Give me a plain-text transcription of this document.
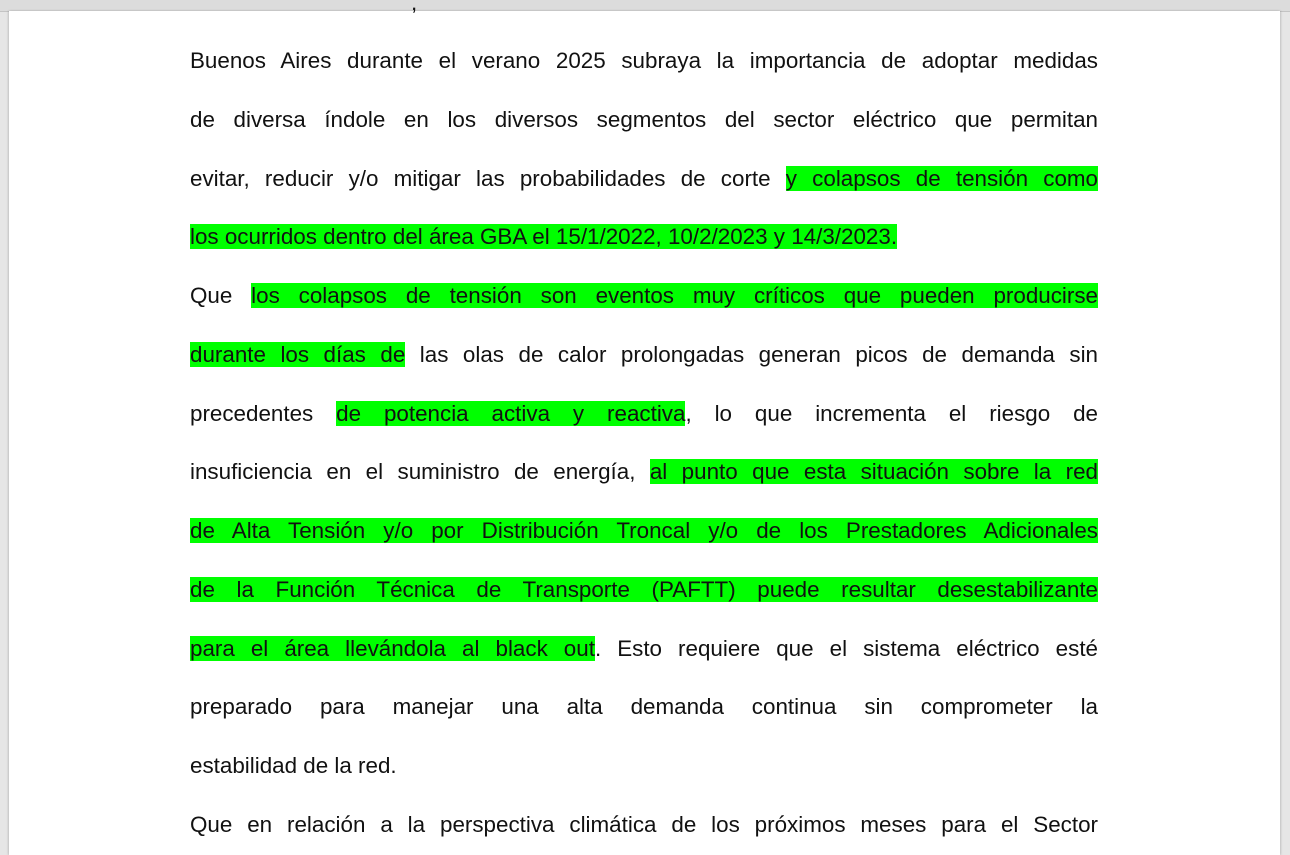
,
Buenos Aires durante el verano 2025 subraya la importancia de adoptar medidas
de diversa índole en los diversos segmentos del sector eléctrico que permitan
evitar, reducir y/o mitigar las probabilidades de corte y colapsos de tensión como
los ocurridos dentro del área GBA el 15/1/2022, 10/2/2023 y 14/3/2023.
Que los colapsos de tensión son eventos muy críticos que pueden producirse
durante los días de las olas de calor prolongadas generan picos de demanda sin
precedentes de potencia activa y reactiva, lo que incrementa el riesgo de
insuficiencia en el suministro de energía, al punto que esta situación sobre la red
de Alta Tensión y/o por Distribución Troncal y/o de los Prestadores Adicionales
de la Función Técnica de Transporte (PAFTT) puede resultar desestabilizante
para el área llevándola al black out. Esto requiere que el sistema eléctrico esté
preparado para manejar una alta demanda continua sin comprometer la
estabilidad de la red.
Que en relación a la perspectiva climática de los próximos meses para el Sector
